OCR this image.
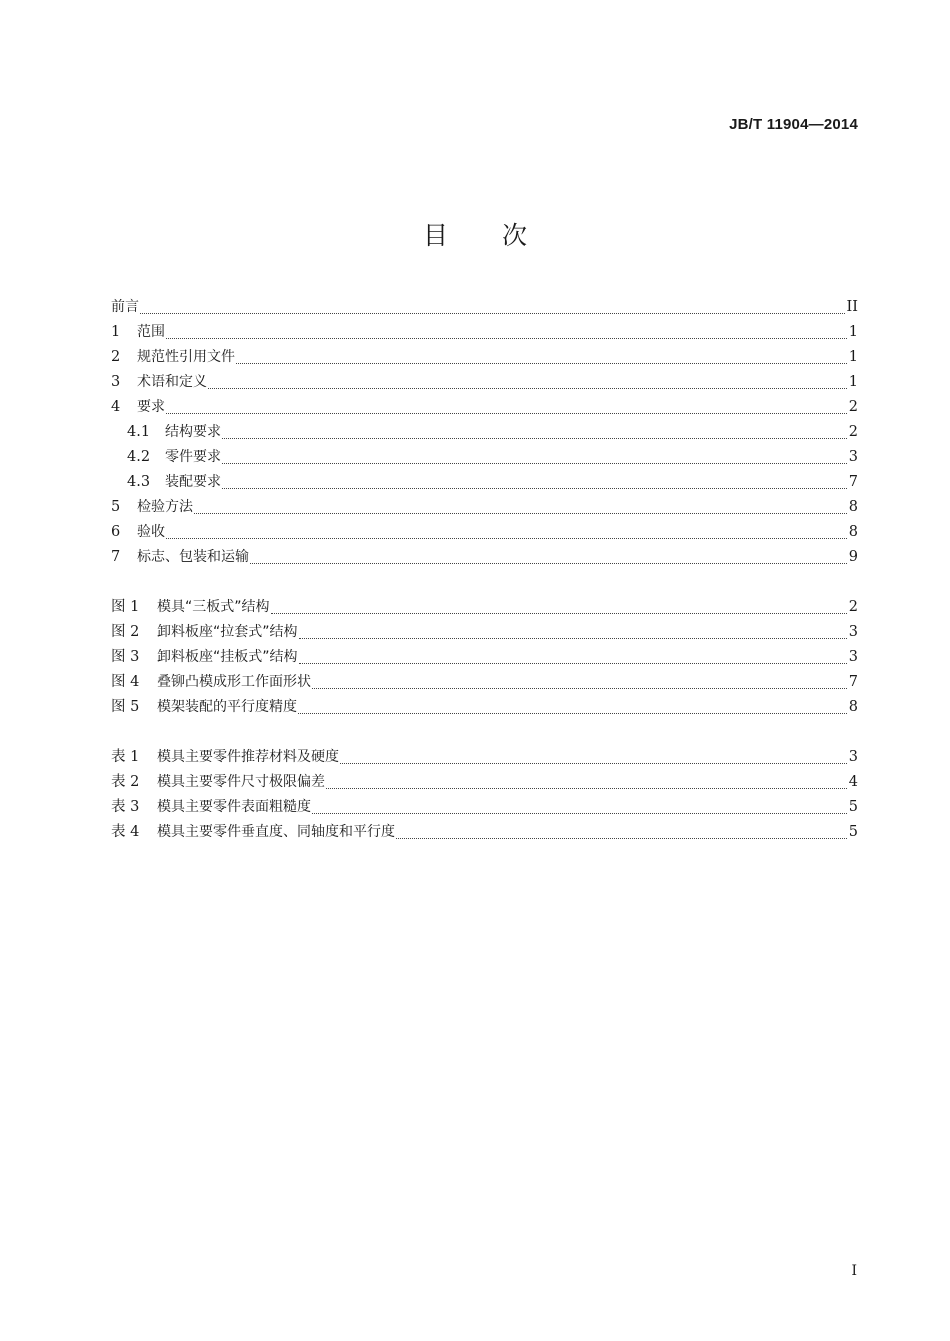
JB/T 11904—2014
目次
前言	II
1	范围	1
2	规范性引用文件	1
3	术语和定义	1
4	要求	2
4.1	结构要求	2
4.2	零件要求	3
4.3	装配要求	7
5	检验方法	8
6	验收	8
7	标志、包装和运输	9
图 1	模具“三板式”结构	2
图 2	卸料板座“拉套式”结构	3
图 3	卸料板座“挂板式”结构	3
图 4	叠铆凸模成形工作面形状	7
图 5	模架装配的平行度精度	8
表 1	模具主要零件推荐材料及硬度	3
表 2	模具主要零件尺寸极限偏差	4
表 3	模具主要零件表面粗糙度	5
表 4	模具主要零件垂直度、同轴度和平行度	5
I
